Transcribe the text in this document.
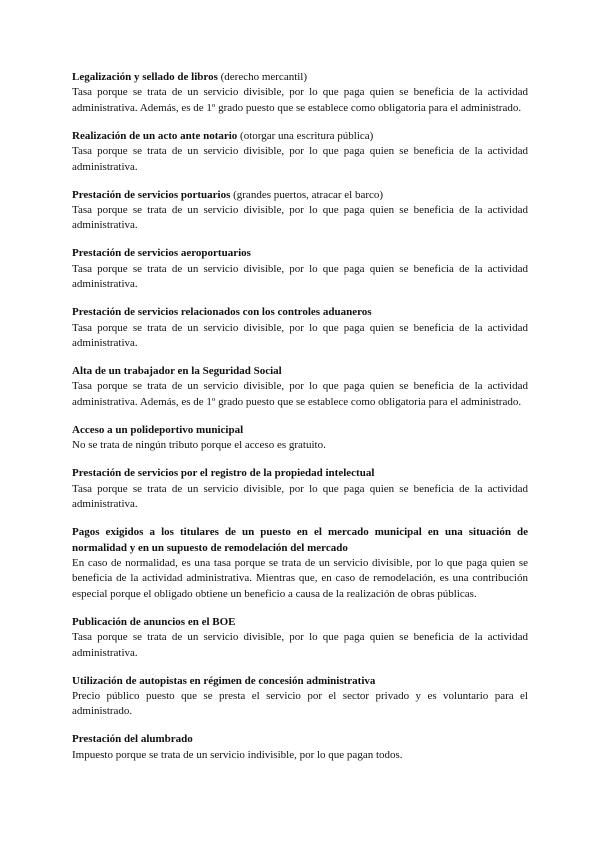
Legalización y sellado de libros (derecho mercantil)

Tasa porque se trata de un servicio divisible, por lo que paga quien se beneficia de la actividad administrativa. Además, es de 1º grado puesto que se establece como obligatoria para el administrado.

Realización de un acto ante notario (otorgar una escritura pública)

Tasa porque se trata de un servicio divisible, por lo que paga quien se beneficia de la actividad administrativa.

Prestación de servicios portuarios (grandes puertos, atracar el barco)

Tasa porque se trata de un servicio divisible, por lo que paga quien se beneficia de la actividad administrativa.

Prestación de servicios aeroportuarios

Tasa porque se trata de un servicio divisible, por lo que paga quien se beneficia de la actividad administrativa.

Prestación de servicios relacionados con los controles aduaneros

Tasa porque se trata de un servicio divisible, por lo que paga quien se beneficia de la actividad administrativa.

Alta de un trabajador en la Seguridad Social

Tasa porque se trata de un servicio divisible, por lo que paga quien se beneficia de la actividad administrativa. Además, es de 1º grado puesto que se establece como obligatoria para el administrado.

Acceso a un polideportivo municipal

No se trata de ningún tributo porque el acceso es gratuito.

Prestación de servicios por el registro de la propiedad intelectual

Tasa porque se trata de un servicio divisible, por lo que paga quien se beneficia de la actividad administrativa.

Pagos exigidos a los titulares de un puesto en el mercado municipal en una situación de normalidad y en un supuesto de remodelación del mercado

En caso de normalidad, es una tasa porque se trata de un servicio divisible, por lo que paga quien se beneficia de la actividad administrativa. Mientras que, en caso de remodelación, es una contribución especial porque el obligado obtiene un beneficio a causa de la realización de obras públicas.

Publicación de anuncios en el BOE

Tasa porque se trata de un servicio divisible, por lo que paga quien se beneficia de la actividad administrativa.

Utilización de autopistas en régimen de concesión administrativa

Precio público puesto que se presta el servicio por el sector privado y es voluntario para el administrado.

Prestación del alumbrado

Impuesto porque se trata de un servicio indivisible, por lo que pagan todos.
